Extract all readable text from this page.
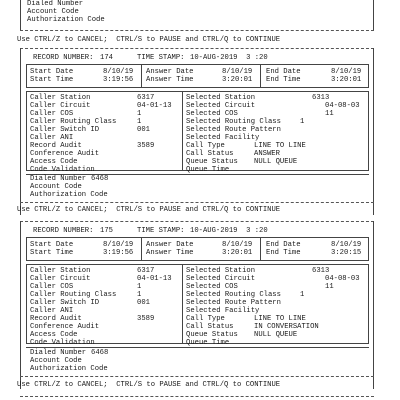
Dialed Number
Account Code
Authorization Code
Use CTRL/Z to CANCEL;  CTRL/S to PAUSE and CTRL/Q to CONTINUE
RECORD NUMBER: 174	TIME STAMP: 10-AUG-2019  3 :20
Start Date	8/10/19
Start Time	3:19:56
Answer Date	8/10/19
Answer Time	3:20:01
End Date	8/10/19
End Time	3:20:01
Caller Station	6317
Caller Circuit	04-01-13
Caller COS	1
Caller Routing Class	1
Caller Switch ID	001
Caller ANI
Record Audit	3589
Conference Audit
Access Code
Code Validation
Selected Station	6313
Selected Circuit	04-08-03
Selected COS	11
Selected Routing Class	1
Selected Route Pattern
Selected Facility
Call Type	LINE TO LINE
Call Status	ANSWER
Queue Status NULL QUEUE
Queue Time
Dialed Number 6468
Account Code
Authorization Code
Use CTRL/Z to CANCEL;  CTRL/S to PAUSE and CTRL/Q to CONTINUE
RECORD NUMBER: 175	TIME STAMP: 10-AUG-2019  3 :20
Start Date	8/10/19
Start Time	3:19:56
Answer Date	8/10/19
Answer Time	3:20:01
End Date	8/10/19
End Time	3:20:15
Caller Station	6317
Caller Circuit	04-01-13
Caller COS	1
Caller Routing Class	1
Caller Switch ID	001
Caller ANI
Record Audit	3589
Conference Audit
Access Code
Code Validation
Selected Station	6313
Selected Circuit	04-08-03
Selected COS	11
Selected Routing Class	1
Selected Route Pattern
Selected Facility
Call Type	LINE TO LINE
Call Status	IN CONVERSATION
Queue Status NULL QUEUE
Queue Time
Dialed Number 6468
Account Code
Authorization Code
Use CTRL/Z to CANCEL;  CTRL/S to PAUSE and CTRL/Q to CONTINUE
